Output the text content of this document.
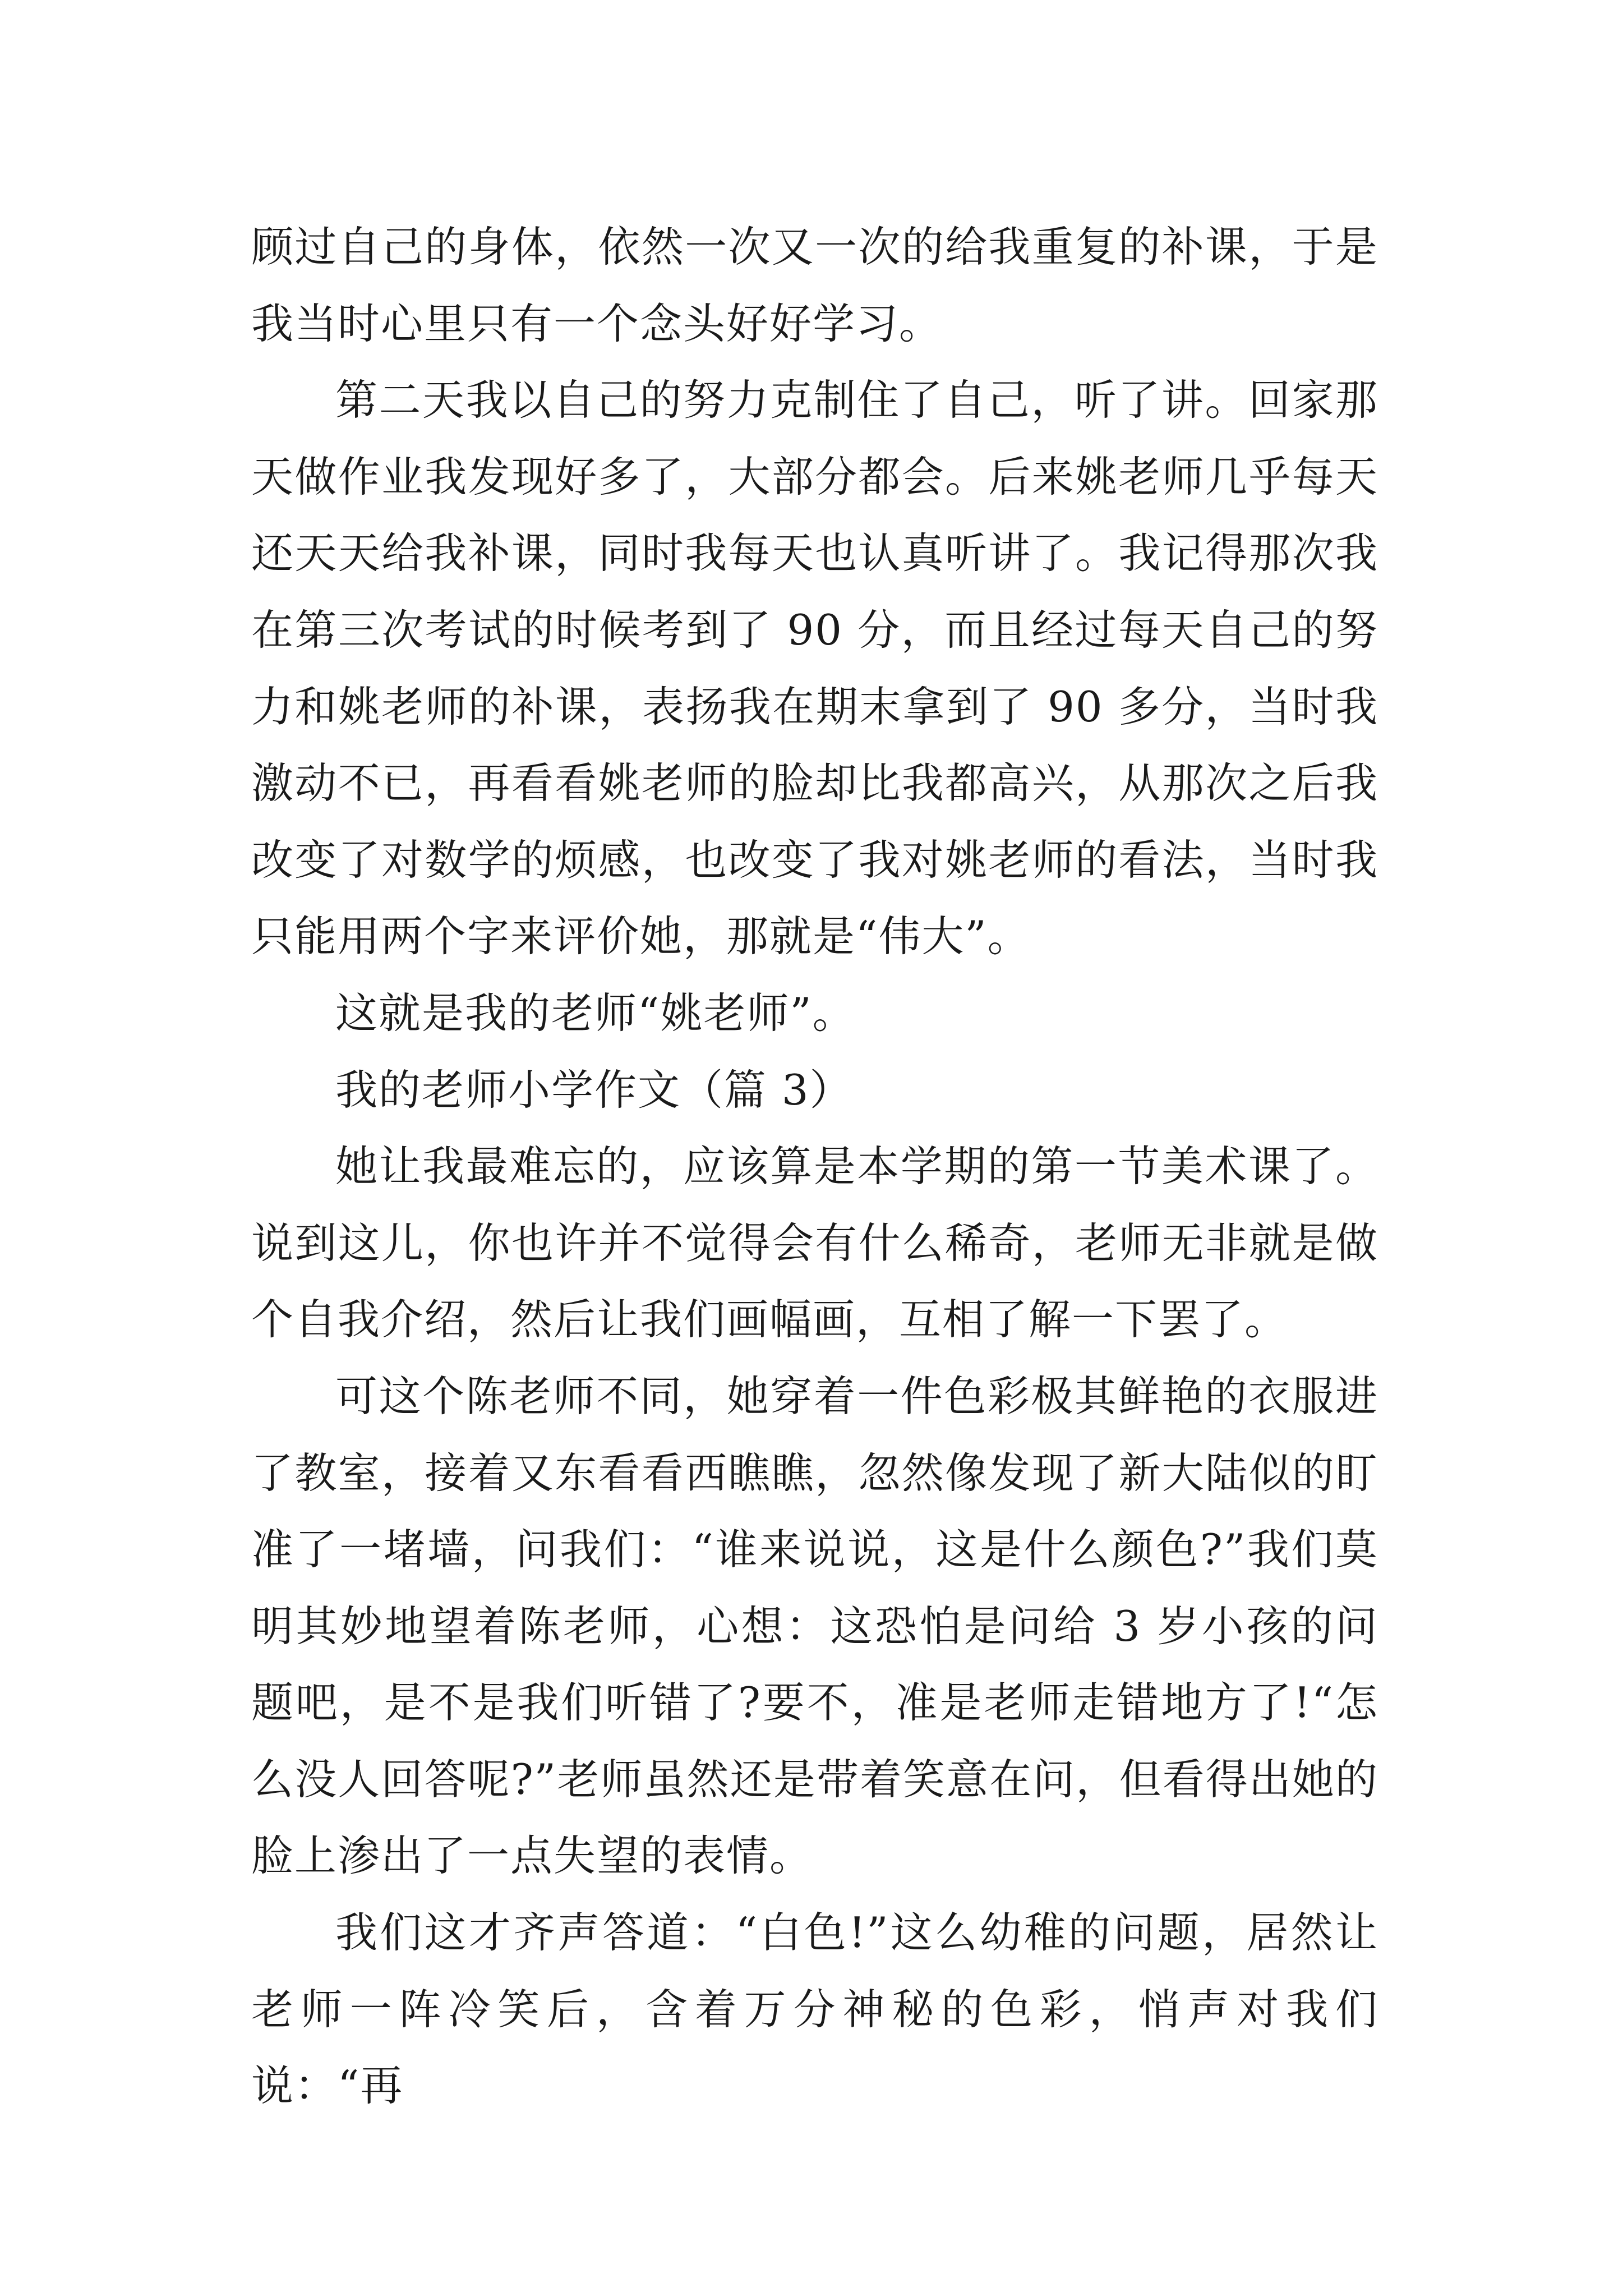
顾过自己的身体，依然一次又一次的给我重复的补课，于是我当时心里只有一个念头好好学习。

第二天我以自己的努力克制住了自己，听了讲。回家那天做作业我发现好多了，大部分都会。后来姚老师几乎每天还天天给我补课，同时我每天也认真听讲了。我记得那次我在第三次考试的时候考到了 90 分，而且经过每天自己的努力和姚老师的补课，表扬我在期末拿到了 90 多分，当时我激动不已，再看看姚老师的脸却比我都高兴，从那次之后我改变了对数学的烦感，也改变了我对姚老师的看法，当时我只能用两个字来评价她，那就是“伟大”。

这就是我的老师“姚老师”。

我的老师小学作文（篇 3）

她让我最难忘的，应该算是本学期的第一节美术课了。说到这儿，你也许并不觉得会有什么稀奇，老师无非就是做个自我介绍，然后让我们画幅画，互相了解一下罢了。

可这个陈老师不同，她穿着一件色彩极其鲜艳的衣服进了教室，接着又东看看西瞧瞧，忽然像发现了新大陆似的盯准了一堵墙，问我们：“谁来说说，这是什么颜色?”我们莫明其妙地望着陈老师，心想：这恐怕是问给 3 岁小孩的问题吧，是不是我们听错了?要不，准是老师走错地方了!“怎么没人回答呢?”老师虽然还是带着笑意在问，但看得出她的脸上渗出了一点失望的表情。

我们这才齐声答道：“白色!”这么幼稚的问题，居然让老师一阵冷笑后，含着万分神秘的色彩，悄声对我们说：“再
